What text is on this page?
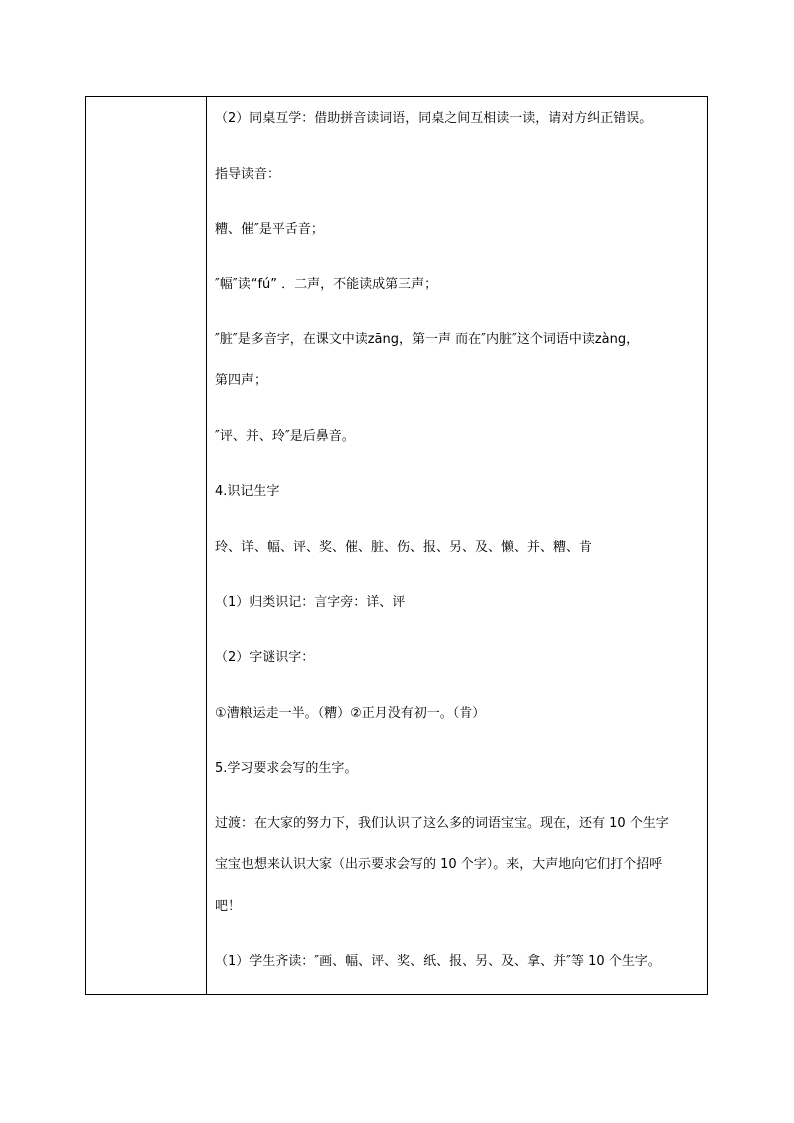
（2）同桌互学：借助拼音读词语，同桌之间互相读一读，请对方纠正错误。
指导读音：
糟、催″是平舌音；
″幅″读“fú” ．二声，不能读成第三声；
″脏″是多音字，在课文中读zāng，第一声 而在″内脏″这个词语中读zàng，
第四声；
″评、并、玲″是后鼻音。
4.识记生字
玲、详、幅、评、奖、催、脏、伤、报、另、及、懒、并、糟、肯
（1）归类识记：言字旁：详、评
（2）字谜识字：
①漕粮运走一半。（糟）②正月没有初一。（肯）
5.学习要求会写的生字。
过渡：在大家的努力下，我们认识了这么多的词语宝宝。现在，还有 10 个生字
宝宝也想来认识大家（出示要求会写的 10 个字）。来，大声地向它们打个招呼
吧！
（1）学生齐读：″画、幅、评、奖、纸、报、另、及、拿、并″等 10 个生字。
